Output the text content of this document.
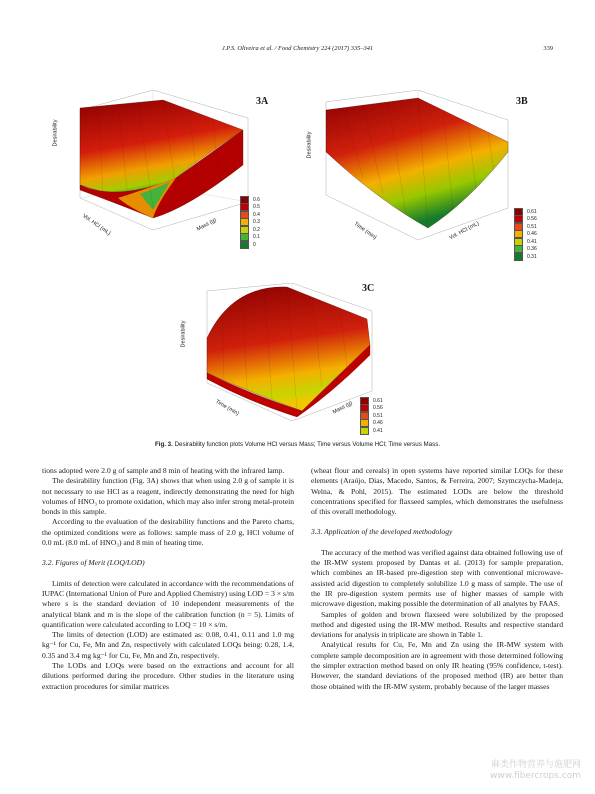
J.P.S. Oliveira et al. / Food Chemistry 224 (2017) 335–341	339
3A
0.6
0.5
0.4
0.3
0.2
0.1
0
Desirability
Vol. HCl (mL)	Mass (g)
3B
0.61
0.56
0.51
0.46
0.41
0.36
0.31
Desirability
Time (min)	Vol. HCl (mL)
3C
0.61
0.56
0.51
0.46
0.41
Desirability
Time (min)	Mass (g)
Fig. 3. Desirability function plots Volume HCl versus Mass; Time versus Volume HCl; Time versus Mass.

tions adopted were 2.0 g of sample and 8 min of heating with the infrared lamp.

The desirability function (Fig. 3A) shows that when using 2.0 g of sample it is not necessary to use HCl as a reagent, indirectly demonstrating the need for high volumes of HNO₃ to promote oxidation, which may also infer strong metal-protein bonds in this sample.

According to the evaluation of the desirability functions and the Pareto charts, the optimized conditions were as follows: sample mass of 2.0 g, HCl volume of 0.0 mL (8.0 mL of HNO₃) and 8 min of heating time.

3.2. Figures of Merit (LOQ/LOD)

Limits of detection were calculated in accordance with the recommendations of IUPAC (International Union of Pure and Applied Chemistry) using LOD = 3 × s/m where s is the standard deviation of 10 independent measurements of the analytical blank and m is the slope of the calibration function (n = 5). Limits of quantification were calculated according to LOQ = 10 × s/m.

The limits of detection (LOD) are estimated as: 0.08, 0.41, 0.11 and 1.0 mg kg⁻¹ for Cu, Fe, Mn and Zn, respectively with calculated LOQs being: 0.28, 1.4, 0.35 and 3.4 mg kg⁻¹ for Cu, Fe, Mn and Zn, respectively.

The LODs and LOQs were based on the extractions and account for all dilutions performed during the procedure. Other studies in the literature using extraction procedures for similar matrices

(wheat flour and cereals) in open systems have reported similar LOQs for these elements (Araújo, Dias, Macedo, Santos, & Ferreira, 2007; Szymczycha-Madeja, Welna, & Pohl, 2015). The estimated LODs are below the threshold concentrations specified for flaxseed samples, which demonstrates the usefulness of this overall methodology.

3.3. Application of the developed methodology

The accuracy of the method was verified against data obtained following use of the IR-MW system proposed by Dantas et al. (2013) for sample preparation, which combines an IR-based pre-digestion step with conventional microwave-assisted acid digestion to completely solubilize 1.0 g mass of sample. The use of the IR pre-digestion system permits use of higher masses of sample with microwave digestion, making possible the determination of all analytes by FAAS.

Samples of golden and brown flaxseed were solubilized by the proposed method and digested using the IR-MW method. Results and respective standard deviations for analysis in triplicate are shown in Table 1.

Analytical results for Cu, Fe, Mn and Zn using the IR-MW system with complete sample decomposition are in agreement with those determined following the simpler extraction method based on only IR heating (95% confidence, t-test). However, the standard deviations of the proposed method (IR) are better than those obtained with the IR-MW system, probably because of the larger masses

麻类作物营养与施肥网
www.fibercrops.com
